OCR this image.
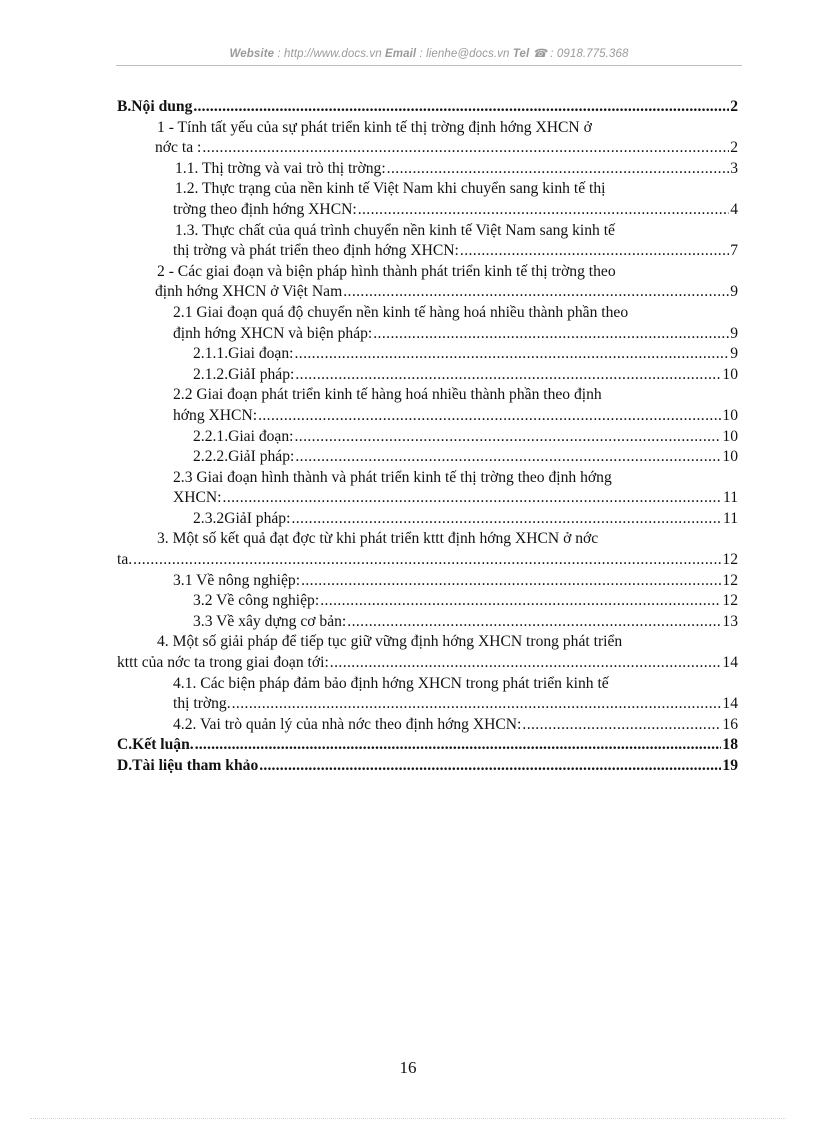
Website : http://www.docs.vn Email : lienhe@docs.vn Tel ☎ : 0918.775.368
B.Nội dung .....	2
1 - Tính tất yếu của sự phát triển kinh tế thị trờng định hớng XHCN ở
nớc ta : .....	2
1.1. Thị trờng và vai trò thị trờng: .....	3
1.2. Thực trạng của nền kinh tế Việt Nam khi chuyển sang kinh tế thị
trờng theo định hớng XHCN: .....	4
1.3. Thực chất của quá trình chuyển nền kinh tế Việt Nam sang kinh tế
thị trờng và phát triển theo định hớng XHCN: .....	7
2 - Các giai đoạn và biện pháp hình thành phát triển kinh tế thị trờng theo
định hớng XHCN ở Việt Nam .....	9
2.1 Giai đoạn quá độ chuyển nền kinh tế hàng hoá nhiều thành phần theo
định hớng XHCN và biện pháp: .....	9
2.1.1.Giai đoạn: .....	9
2.1.2.GiảI pháp: .....	10
2.2 Giai đoạn phát triển kinh tế hàng hoá nhiều thành phần theo định
hớng XHCN: .....	10
2.2.1.Giai đoạn: .....	10
2.2.2.GiảI pháp: .....	10
2.3 Giai đoạn hình thành và phát triển kinh tế thị trờng theo định hớng
XHCN: .....	11
2.3.2GiảI pháp: .....	11
3. Một số kết quả đạt đợc từ khi phát triển kttt định hớng XHCN ở nớc
ta. .....	12
3.1 Về nông nghiệp: .....	12
3.2 Về công nghiệp: .....	12
3.3 Về xây dựng cơ bản: .....	13
4. Một số giải pháp để tiếp tục giữ vững định hớng XHCN trong phát triển
kttt của nớc ta trong giai đoạn tới: .....	14
4.1. Các biện pháp đảm bảo định hớng XHCN trong phát triển kinh tế
thị trờng. .....	14
4.2. Vai trò quản lý của nhà nớc theo định hớng XHCN: .....	16
C.Kết luận. .....	18
D.Tài liệu tham khảo .....	19
16
